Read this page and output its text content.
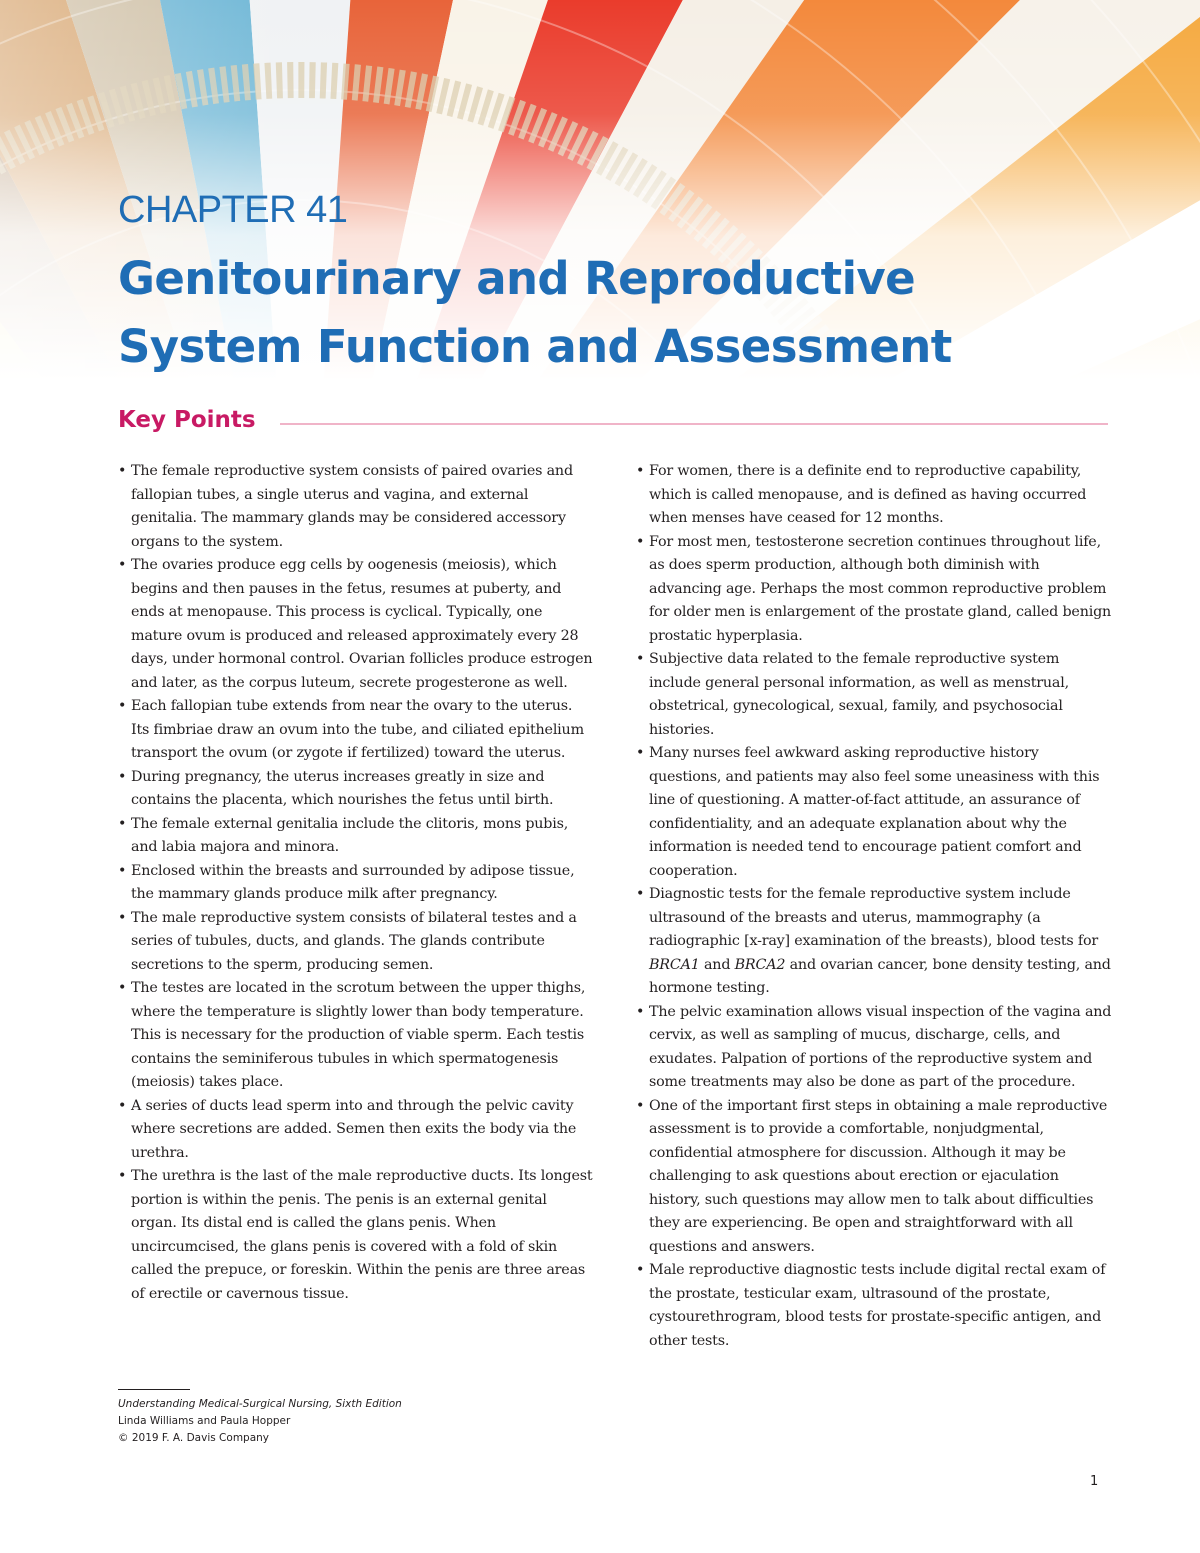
CHAPTER 41
Genitourinary and Reproductive
System Function and Assessment
Key Points
• The female reproductive system consists of paired ovaries and fallopian tubes, a single uterus and vagina, and external genitalia. The mammary glands may be considered accessory organs to the system.
• The ovaries produce egg cells by oogenesis (meiosis), which begins and then pauses in the fetus, resumes at puberty, and ends at menopause. This process is cyclical. Typically, one mature ovum is produced and released approximately every 28 days, under hormonal control. Ovarian follicles produce estrogen and later, as the corpus luteum, secrete progesterone as well.
• Each fallopian tube extends from near the ovary to the uterus. Its fimbriae draw an ovum into the tube, and ciliated epithelium transport the ovum (or zygote if fertilized) toward the uterus.
• During pregnancy, the uterus increases greatly in size and contains the placenta, which nourishes the fetus until birth.
• The female external genitalia include the clitoris, mons pubis, and labia majora and minora.
• Enclosed within the breasts and surrounded by adipose tissue, the mammary glands produce milk after pregnancy.
• The male reproductive system consists of bilateral testes and a series of tubules, ducts, and glands. The glands contribute secretions to the sperm, producing semen.
• The testes are located in the scrotum between the upper thighs, where the temperature is slightly lower than body temperature. This is necessary for the production of viable sperm. Each testis contains the seminiferous tubules in which spermatogenesis (meiosis) takes place.
• A series of ducts lead sperm into and through the pelvic cavity where secretions are added. Semen then exits the body via the urethra.
• The urethra is the last of the male reproductive ducts. Its longest portion is within the penis. The penis is an external genital organ. Its distal end is called the glans penis. When uncircumcised, the glans penis is covered with a fold of skin called the prepuce, or foreskin. Within the penis are three areas of erectile or cavernous tissue.
• For women, there is a definite end to reproductive capability, which is called menopause, and is defined as having occurred when menses have ceased for 12 months.
• For most men, testosterone secretion continues throughout life, as does sperm production, although both diminish with advancing age. Perhaps the most common reproductive problem for older men is enlargement of the prostate gland, called benign prostatic hyperplasia.
• Subjective data related to the female reproductive system include general personal information, as well as menstrual, obstetrical, gynecological, sexual, family, and psychosocial histories.
• Many nurses feel awkward asking reproductive history questions, and patients may also feel some uneasiness with this line of questioning. A matter-of-fact attitude, an assurance of confidentiality, and an adequate explanation about why the information is needed tend to encourage patient comfort and cooperation.
• Diagnostic tests for the female reproductive system include ultrasound of the breasts and uterus, mammography (a radiographic [x-ray] examination of the breasts), blood tests for BRCA1 and BRCA2 and ovarian cancer, bone density testing, and hormone testing.
• The pelvic examination allows visual inspection of the vagina and cervix, as well as sampling of mucus, discharge, cells, and exudates. Palpation of portions of the reproductive system and some treatments may also be done as part of the procedure.
• One of the important first steps in obtaining a male reproductive assessment is to provide a comfortable, nonjudgmental, confidential atmosphere for discussion. Although it may be challenging to ask questions about erection or ejaculation history, such questions may allow men to talk about difficulties they are experiencing. Be open and straightforward with all questions and answers.
• Male reproductive diagnostic tests include digital rectal exam of the prostate, testicular exam, ultrasound of the prostate, cystourethrogram, blood tests for prostate-specific antigen, and other tests.
Understanding Medical-Surgical Nursing, Sixth Edition
Linda Williams and Paula Hopper
© 2019 F. A. Davis Company
1
